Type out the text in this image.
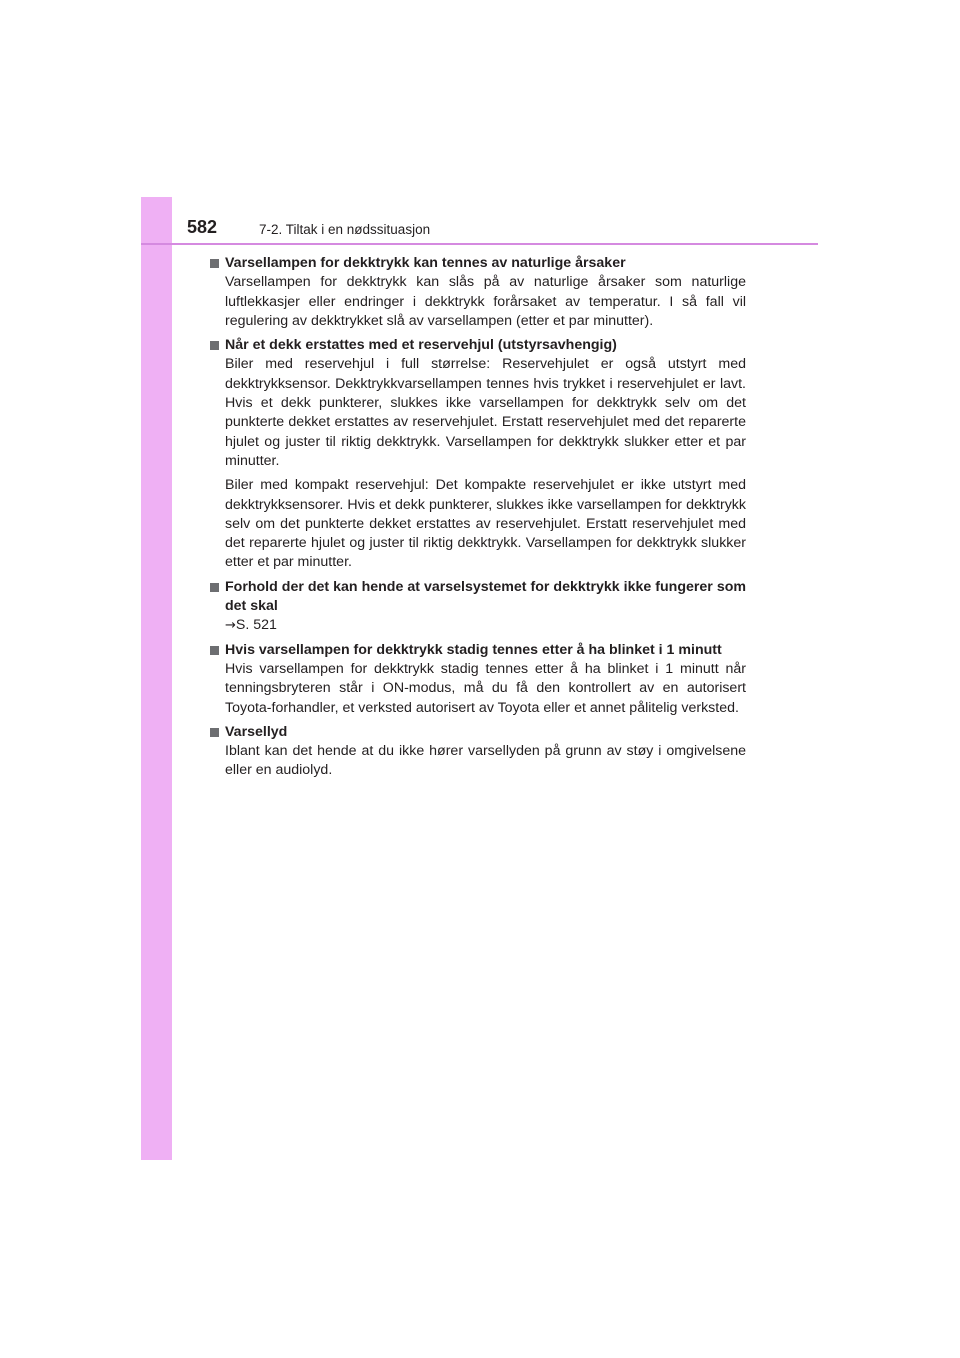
582	7-2. Tiltak i en nødssituasjon
Varsellampen for dekktrykk kan tennes av naturlige årsaker

Varsellampen for dekktrykk kan slås på av naturlige årsaker som naturlige luftlekkasjer eller endringer i dekktrykk forårsaket av temperatur. I så fall vil regulering av dekktrykket slå av varsellampen (etter et par minutter).

Når et dekk erstattes med et reservehjul (utstyrsavhengig)

Biler med reservehjul i full størrelse: Reservehjulet er også utstyrt med dekktrykksensor. Dekktrykkvarsellampen tennes hvis trykket i reservehjulet er lavt. Hvis et dekk punkterer, slukkes ikke varsellampen for dekktrykk selv om det punkterte dekket erstattes av reservehjulet. Erstatt reservehjulet med det reparerte hjulet og juster til riktig dekktrykk. Varsellampen for dekktrykk slukker etter et par minutter.

Biler med kompakt reservehjul: Det kompakte reservehjulet er ikke utstyrt med dekktrykksensorer. Hvis et dekk punkterer, slukkes ikke varsellampen for dekktrykk selv om det punkterte dekket erstattes av reservehjulet. Erstatt reservehjulet med det reparerte hjulet og juster til riktig dekktrykk. Varsellampen for dekktrykk slukker etter et par minutter.

Forhold der det kan hende at varselsystemet for dekktrykk ikke fungerer som det skal

→S. 521

Hvis varsellampen for dekktrykk stadig tennes etter å ha blinket i 1 minutt

Hvis varsellampen for dekktrykk stadig tennes etter å ha blinket i 1 minutt når tenningsbryteren står i ON-modus, må du få den kontrollert av en autorisert Toyota-forhandler, et verksted autorisert av Toyota eller et annet pålitelig verksted.

Varsellyd

Iblant kan det hende at du ikke hører varsellyden på grunn av støy i omgivelsene eller en audiolyd.
